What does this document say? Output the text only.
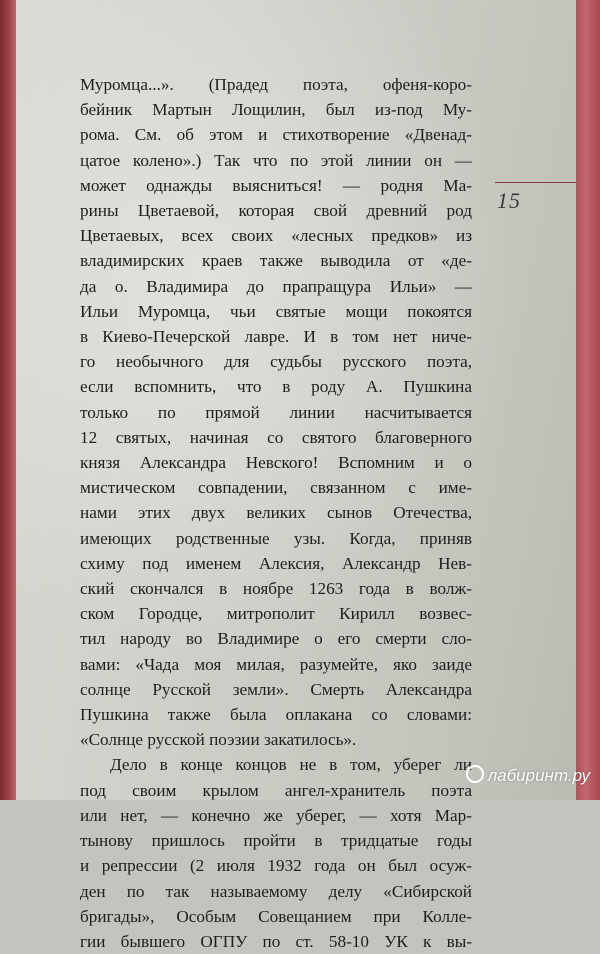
15
Муромца...». (Прадед поэта, офеня-коро-
бейник Мартын Лощилин, был из-под Му-
рома. См. об этом и стихотворение «Двенад-
цатое колено».) Так что по этой линии он —
может однажды выясниться! — родня Ма-
рины Цветаевой, которая свой древний род
Цветаевых, всех своих «лесных предков» из
владимирских краев также выводила от «де-
да о. Владимира до прапращура Ильи» —
Ильи Муромца, чьи святые мощи покоятся
в Киево-Печерской лавре. И в том нет ниче-
го необычного для судьбы русского поэта,
если вспомнить, что в роду А. Пушкина
только по прямой линии насчитывается
12 святых, начиная со святого благоверного
князя Александра Невского! Вспомним и о
мистическом совпадении, связанном с име-
нами этих двух великих сынов Отечества,
имеющих родственные узы. Когда, приняв
схиму под именем Алексия, Александр Нев-
ский скончался в ноябре 1263 года в волж-
ском Городце, митрополит Кирилл возвес-
тил народу во Владимире о его смерти сло-
вами: «Чада моя милая, разумейте, яко заиде
солнце Русской земли». Смерть Александра
Пушкина также была оплакана со словами:
«Солнце русской поэзии закатилось».
Дело в конце концов не в том, уберег ли
под своим крылом ангел-хранитель поэта
или нет, — конечно же уберег, — хотя Мар-
тынову пришлось пройти в тридцатые годы
и репрессии (2 июля 1932 года он был осуж-
ден по так называемому делу «Сибирской
бригады», Особым Совещанием при Колле-
гии бывшего ОГПУ по ст. 58-10 УК к вы-
лабиринт.ру
